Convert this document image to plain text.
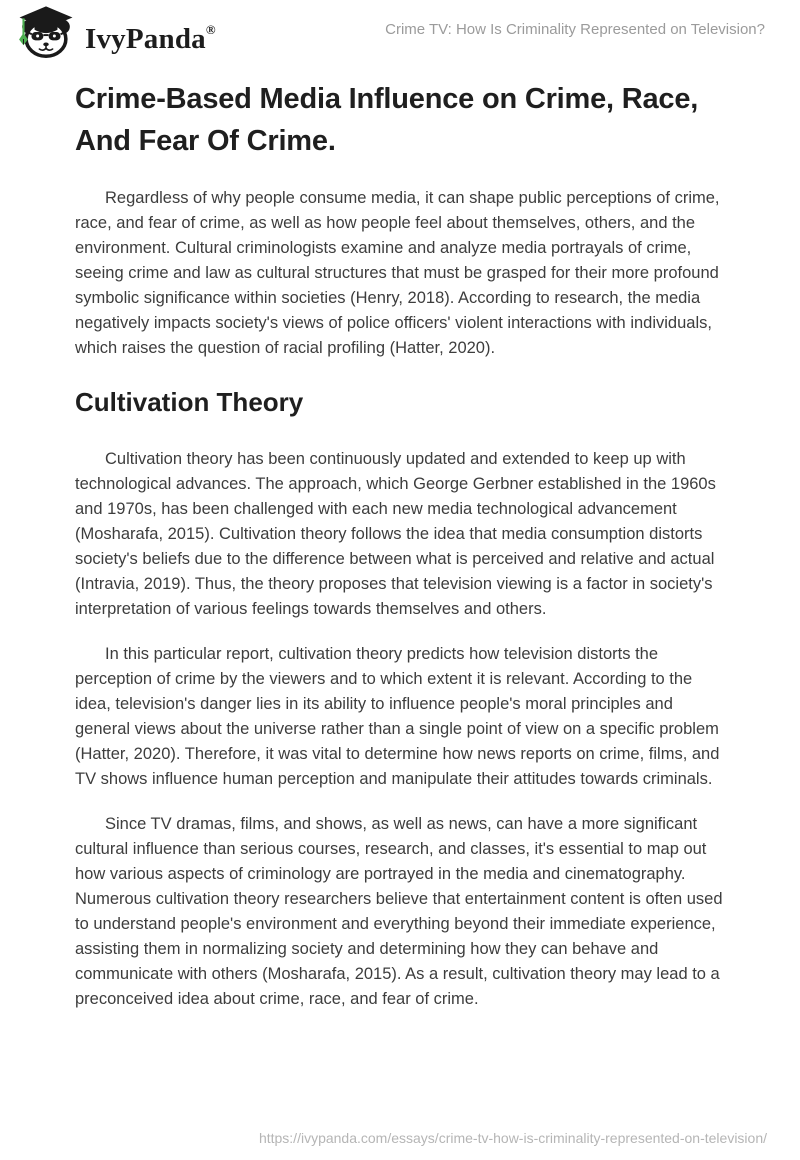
IvyPanda®	Crime TV: How Is Criminality Represented on Television?
Crime-Based Media Influence on Crime, Race, And Fear Of Crime.

Regardless of why people consume media, it can shape public perceptions of crime, race, and fear of crime, as well as how people feel about themselves, others, and the environment. Cultural criminologists examine and analyze media portrayals of crime, seeing crime and law as cultural structures that must be grasped for their more profound symbolic significance within societies (Henry, 2018). According to research, the media negatively impacts society's views of police officers' violent interactions with individuals, which raises the question of racial profiling (Hatter, 2020).

Cultivation Theory

Cultivation theory has been continuously updated and extended to keep up with technological advances. The approach, which George Gerbner established in the 1960s and 1970s, has been challenged with each new media technological advancement (Mosharafa, 2015). Cultivation theory follows the idea that media consumption distorts society's beliefs due to the difference between what is perceived and relative and actual (Intravia, 2019). Thus, the theory proposes that television viewing is a factor in society's interpretation of various feelings towards themselves and others.

In this particular report, cultivation theory predicts how television distorts the perception of crime by the viewers and to which extent it is relevant. According to the idea, television's danger lies in its ability to influence people's moral principles and general views about the universe rather than a single point of view on a specific problem (Hatter, 2020). Therefore, it was vital to determine how news reports on crime, films, and TV shows influence human perception and manipulate their attitudes towards criminals.

Since TV dramas, films, and shows, as well as news, can have a more significant cultural influence than serious courses, research, and classes, it's essential to map out how various aspects of criminology are portrayed in the media and cinematography. Numerous cultivation theory researchers believe that entertainment content is often used to understand people's environment and everything beyond their immediate experience, assisting them in normalizing society and determining how they can behave and communicate with others (Mosharafa, 2015). As a result, cultivation theory may lead to a preconceived idea about crime, race, and fear of crime.

https://ivypanda.com/essays/crime-tv-how-is-criminality-represented-on-television/
